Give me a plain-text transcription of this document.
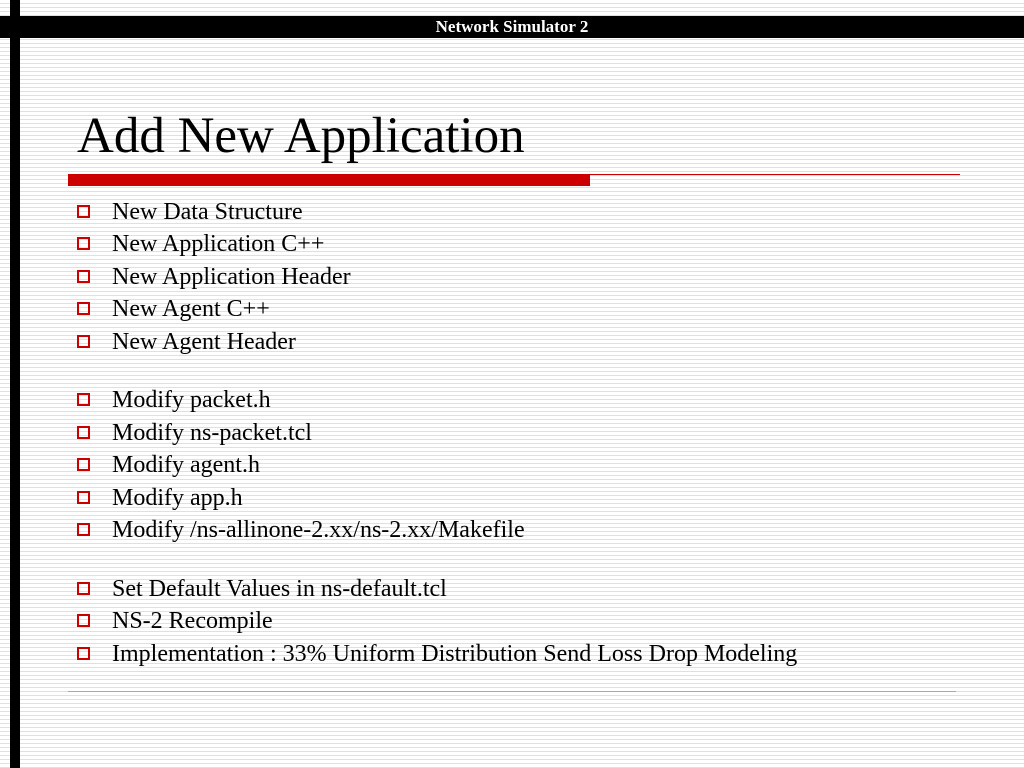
Network Simulator 2
Add New Application
New Data Structure
New Application C++
New Application Header
New Agent C++
New Agent Header
Modify packet.h
Modify ns-packet.tcl
Modify agent.h
Modify app.h
Modify /ns-allinone-2.xx/ns-2.xx/Makefile
Set Default Values in ns-default.tcl
NS-2 Recompile
Implementation : 33% Uniform Distribution Send Loss Drop Modeling
